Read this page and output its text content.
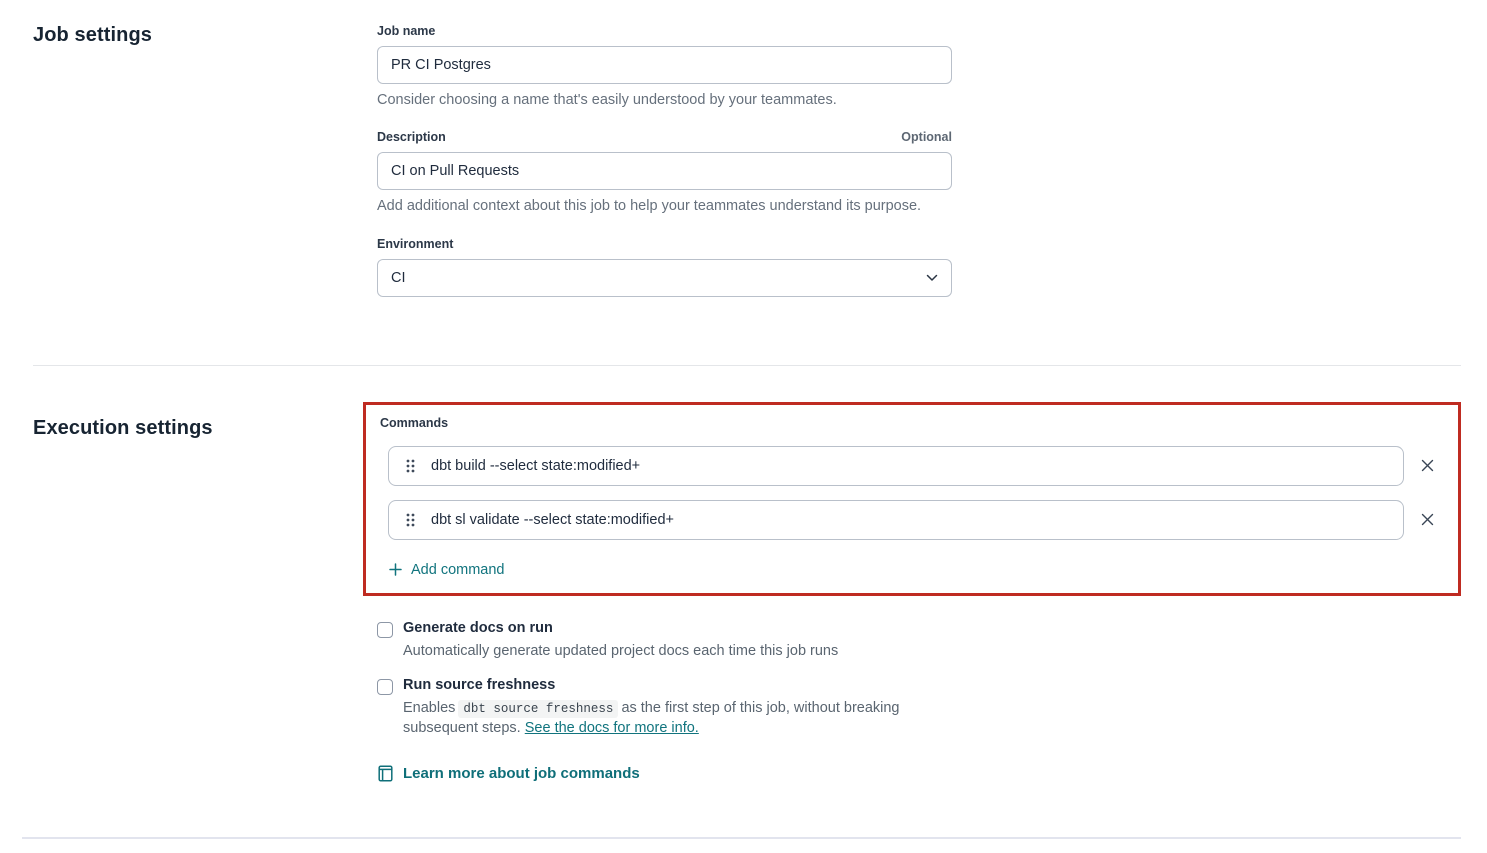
Job settings	Job name
PR CI Postgres
Consider choosing a name that's easily understood by your teammates.
Description	Optional
CI on Pull Requests
Add additional context about this job to help your teammates understand its purpose.
Environment
CI
Execution settings	Commands
dbt build --select state:modified+
dbt sl validate --select state:modified+
Add command
Generate docs on run
Automatically generate updated project docs each time this job runs
Run source freshness
Enables dbt source freshness as the first step of this job, without breaking subsequent steps. See the docs for more info.
Learn more about job commands
